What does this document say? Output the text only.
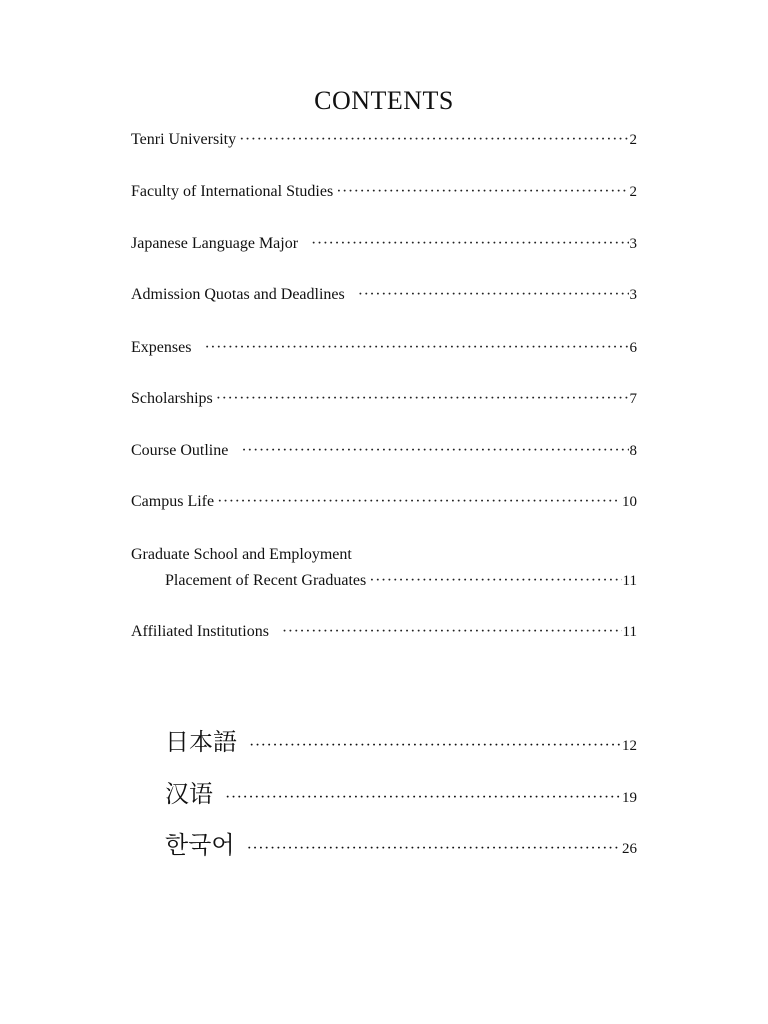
CONTENTS
Tenri University ·····	2
Faculty of International Studies ·····	2
Japanese Language Major ·····	3
Admission Quotas and Deadlines ·····	3
Expenses ·····	6
Scholarships ·····	7
Course Outline ·····	8
Campus Life ·····	10
Graduate School and Employment
Placement of Recent Graduates ·····	11
Affiliated Institutions ·····	11
日本語 ·····	12
汉语 ·····	19
한국어 ·····	26
